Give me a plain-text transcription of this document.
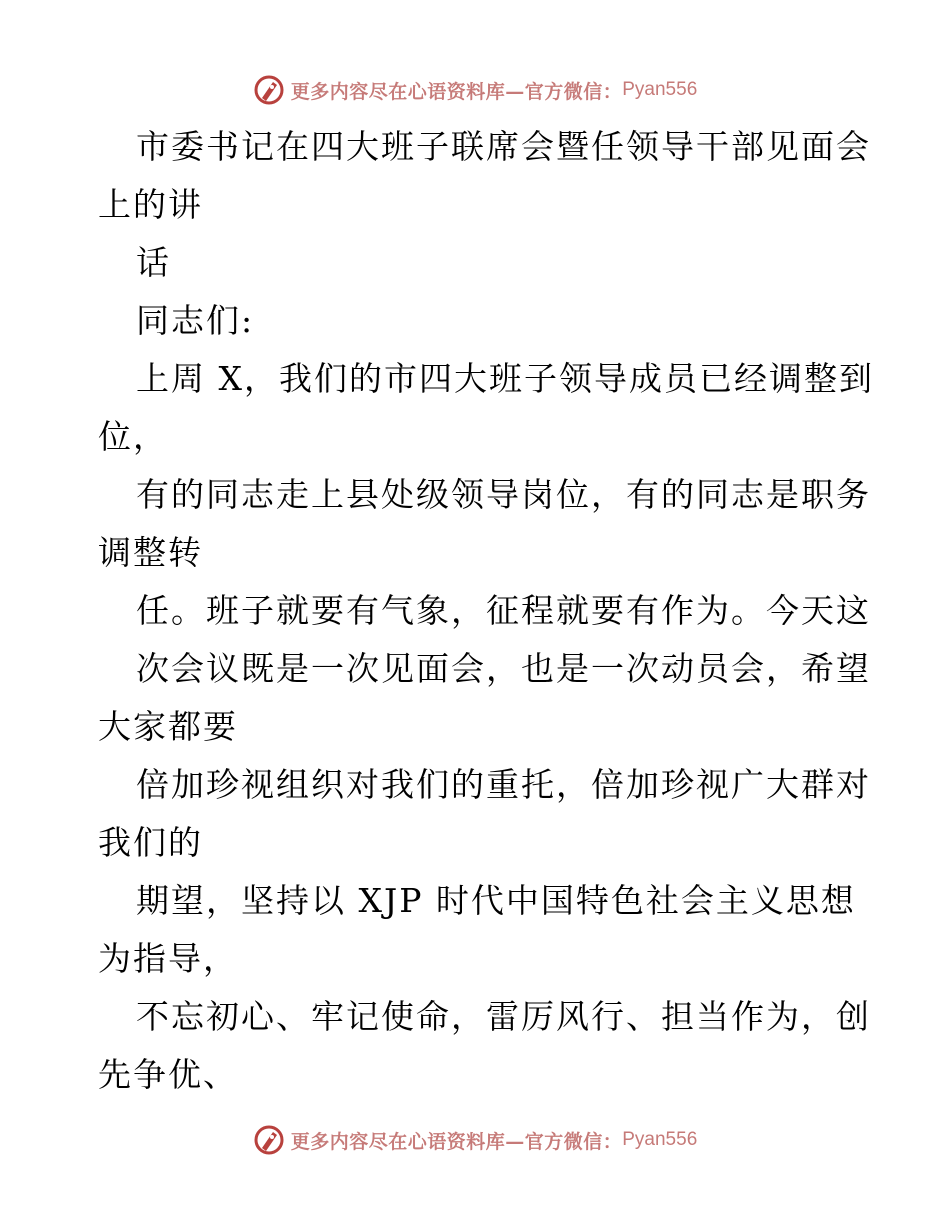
更多内容尽在心语资料库—官方微信： Pyan556
市委书记在四大班子联席会暨任领导干部见面会
上的讲
话
同志们:
上周 X，我们的市四大班子领导成员已经调整到
位，
有的同志走上县处级领导岗位，有的同志是职务
调整转
任。班子就要有气象，征程就要有作为。今天这
次会议既是一次见面会，也是一次动员会，希望
大家都要
倍加珍视组织对我们的重托，倍加珍视广大群对
我们的
期望，坚持以 XJP 时代中国特色社会主义思想
为指导，
不忘初心、牢记使命，雷厉风行、担当作为，创
先争优、
更多内容尽在心语资料库—官方微信： Pyan556
